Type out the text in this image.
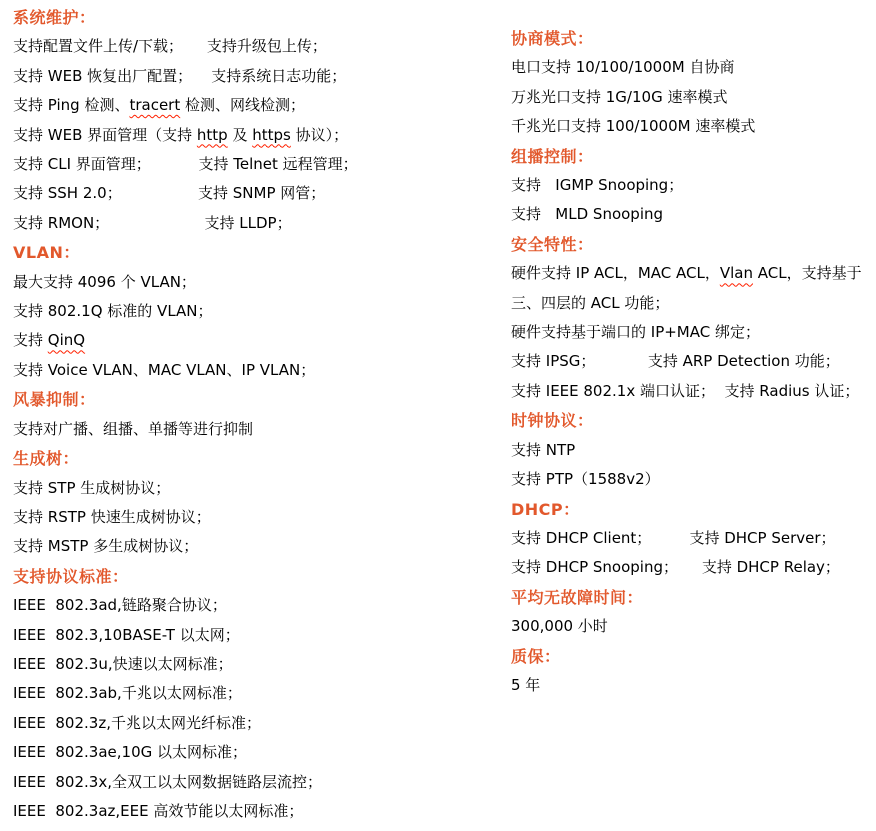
系统维护：
支持配置文件上传/下载；     支持升级包上传；
支持 WEB 恢复出厂配置；    支持系统日志功能；
支持 Ping 检测、tracert 检测、网线检测；
支持 WEB 界面管理（支持 http 及 https 协议）；
支持 CLI 界面管理；          支持 Telnet 远程管理；
支持 SSH 2.0；                支持 SNMP 网管；
支持 RMON；                    支持 LLDP；
VLAN：
最大支持 4096 个 VLAN；
支持 802.1Q 标准的 VLAN；
支持 QinQ
支持 Voice VLAN、MAC VLAN、IP VLAN；
风暴抑制：
支持对广播、组播、单播等进行抑制
生成树：
支持 STP 生成树协议；
支持 RSTP 快速生成树协议；
支持 MSTP 多生成树协议；
支持协议标准：
IEEE  802.3ad,链路聚合协议；
IEEE  802.3,10BASE-T 以太网；
IEEE  802.3u,快速以太网标准；
IEEE  802.3ab,千兆以太网标准；
IEEE  802.3z,千兆以太网光纤标准；
IEEE  802.3ae,10G 以太网标准；
IEEE  802.3x,全双工以太网数据链路层流控；
IEEE  802.3az,EEE 高效节能以太网标准；
协商模式：
电口支持 10/100/1000M 自协商
万兆光口支持 1G/10G 速率模式
千兆光口支持 100/1000M 速率模式
组播控制：
支持   IGMP Snooping；
支持   MLD Snooping
安全特性：
硬件支持 IP ACL，MAC ACL，Vlan ACL，支持基于三、四层的 ACL 功能；
硬件支持基于端口的 IP+MAC 绑定；
支持 IPSG；           支持 ARP Detection 功能；
支持 IEEE 802.1x 端口认证；  支持 Radius 认证；
时钟协议：
支持 NTP
支持 PTP（1588v2）
DHCP：
支持 DHCP Client；        支持 DHCP Server；
支持 DHCP Snooping；     支持 DHCP Relay；
平均无故障时间：
300,000 小时
质保：
5 年
